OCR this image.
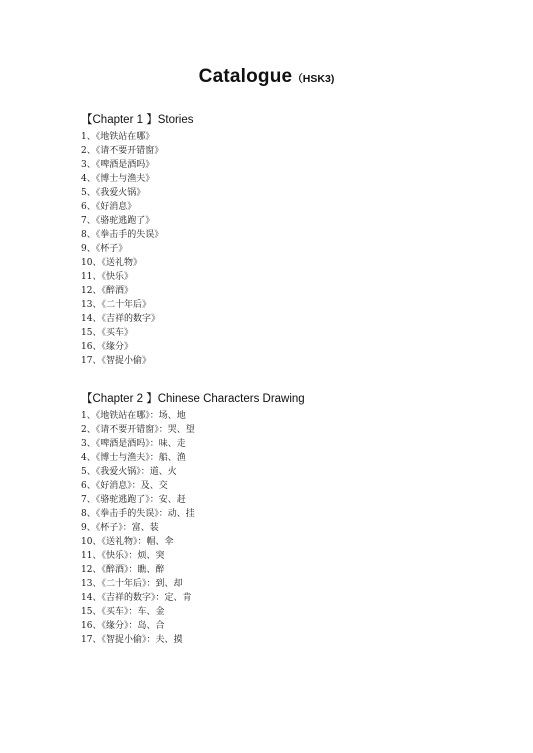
Catalogue（HSK3)
【Chapter 1 】Stories
1、《地铁站在哪》
2、《请不要开错窗》
3、《啤酒是酒吗》
4、《博士与渔夫》
5、《我爱火锅》
6、《好消息》
7、《骆驼逃跑了》
8、《拳击手的失误》
9、《杯子》
10、《送礼物》
11、《快乐》
12、《醉酒》
13、《二十年后》
14、《吉祥的数字》
15、《买车》
16、《缘分》
17、《智捉小偷》
【Chapter 2 】Chinese Characters Drawing
1、《地铁站在哪》：场、地
2、《请不要开错窗》：哭、望
3、《啤酒是酒吗》：味、走
4、《博士与渔夫》：船、渔
5、《我爱火锅》：道、火
6、《好消息》：及、交
7、《骆驼逃跑了》：安、赶
8、《拳击手的失误》：动、挂
9、《杯子》：富、装
10、《送礼物》：帽、伞
11、《快乐》：烦、突
12、《醉酒》：瞧、醉
13、《二十年后》：到、却
14、《吉祥的数字》：定、肯
15、《买车》：车、金
16、《缘分》：岛、合
17、《智捉小偷》：夫、摸
